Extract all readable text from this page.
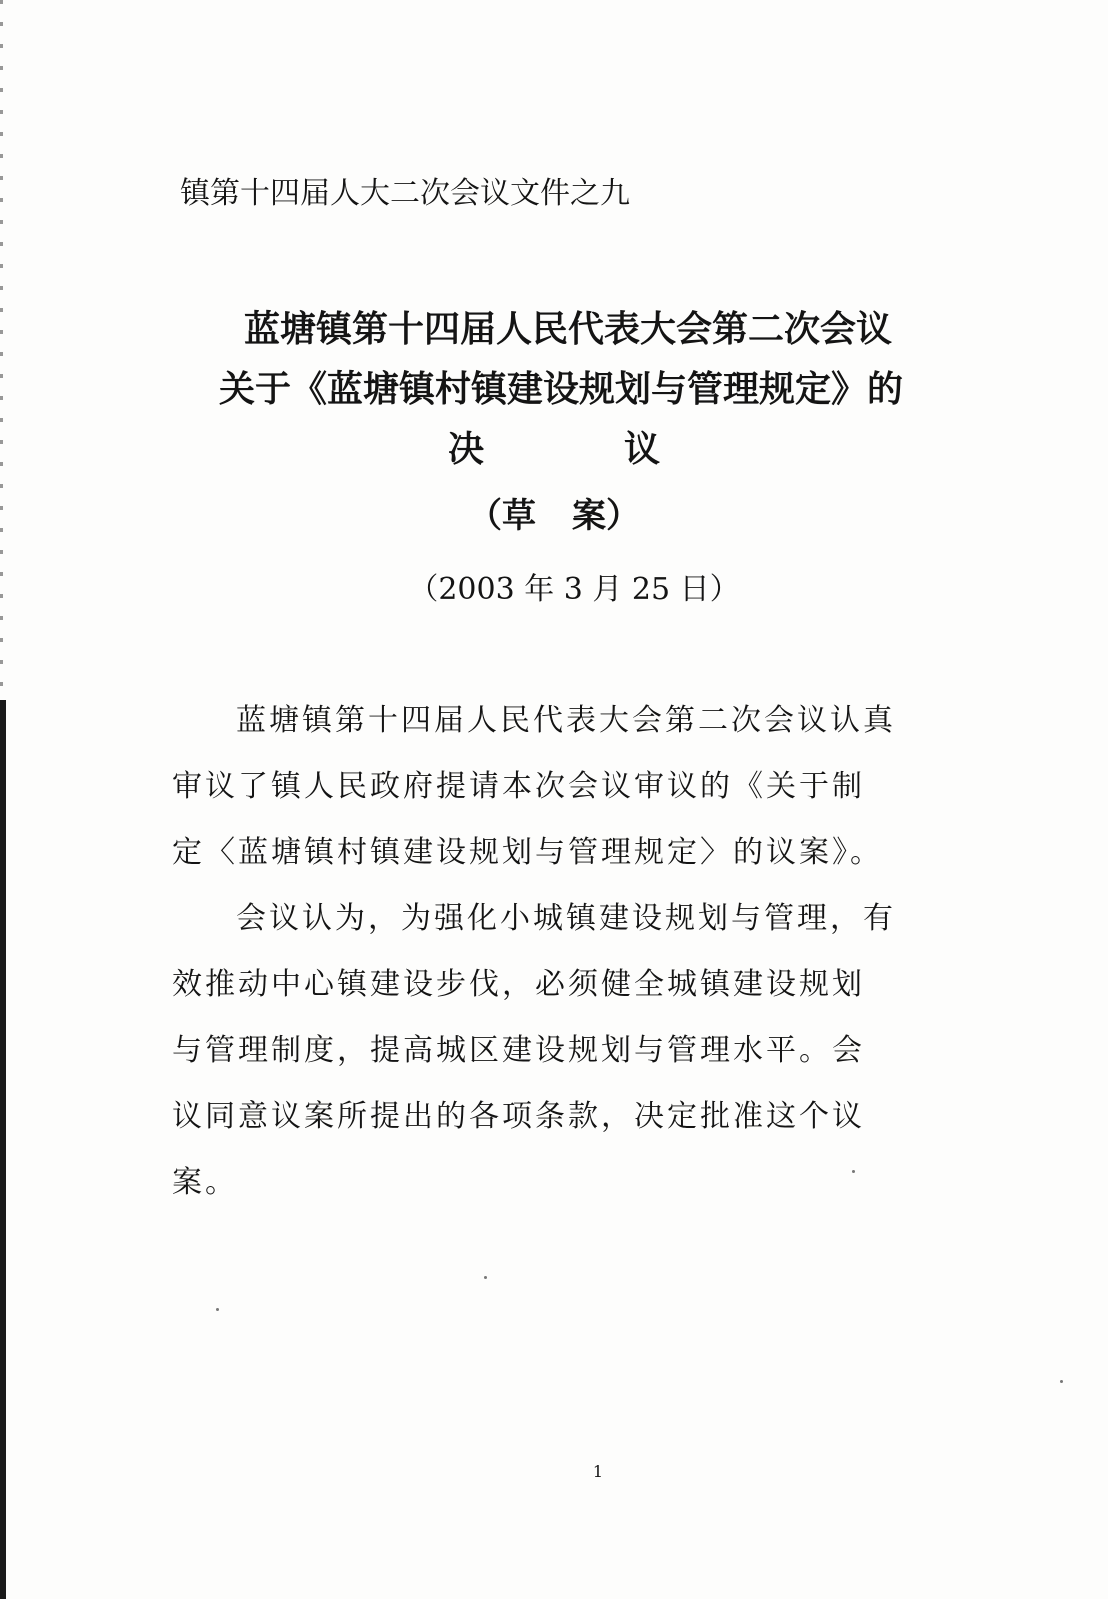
镇第十四届人大二次会议文件之九
蓝塘镇第十四届人民代表大会第二次会议
关于《蓝塘镇村镇建设规划与管理规定》的
决	议
（草 案）
（2003 年 3 月 25 日）

蓝塘镇第十四届人民代表大会第二次会议认真审议了镇人民政府提请本次会议审议的《关于制定〈蓝塘镇村镇建设规划与管理规定〉的议案》。

会议认为，为强化小城镇建设规划与管理，有效推动中心镇建设步伐，必须健全城镇建设规划与管理制度，提高城区建设规划与管理水平。会议同意议案所提出的各项条款，决定批准这个议案。

1
